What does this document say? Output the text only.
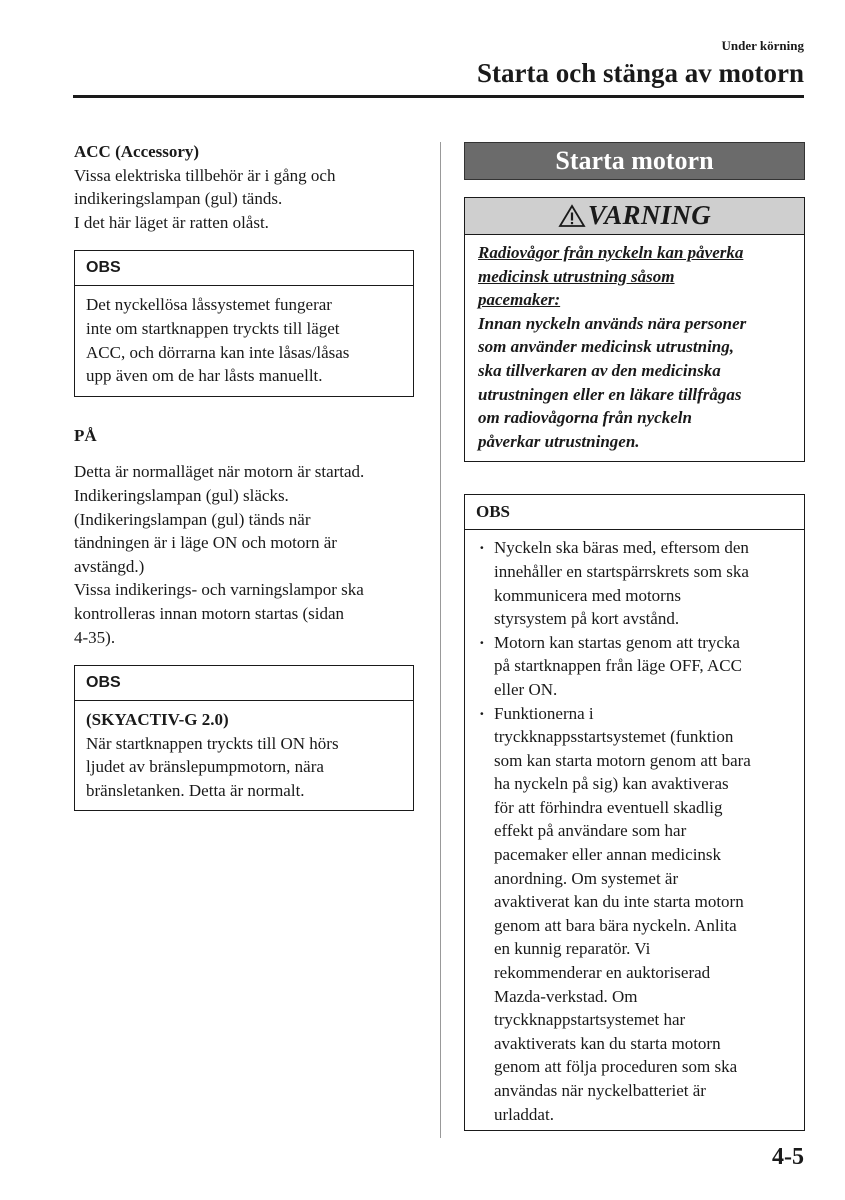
Under körning
Starta och stänga av motorn
ACC (Accessory)

Vissa elektriska tillbehör är i gång och
indikeringslampan (gul) tänds.
I det här läget är ratten olåst.

OBS
Det nyckellösa låssystemet fungerar
inte om startknappen tryckts till läget
ACC, och dörrarna kan inte låsas/låsas
upp även om de har låsts manuellt.
PÅ

Detta är normalläget när motorn är startad.
Indikeringslampan (gul) släcks.
(Indikeringslampan (gul) tänds när
tändningen är i läge ON och motorn är
avstängd.)
Vissa indikerings- och varningslampor ska
kontrolleras innan motorn startas (sidan
4-35).

OBS
(SKYACTIV-G 2.0)
När startknappen tryckts till ON hörs
ljudet av bränslepumpmotorn, nära
bränsletanken. Detta är normalt.
Starta motorn
VARNING
Radiovågor från nyckeln kan påverka
medicinsk utrustning såsom
pacemaker:
Innan nyckeln används nära personer
som använder medicinsk utrustning,
ska tillverkaren av den medicinska
utrustningen eller en läkare tillfrågas
om radiovågorna från nyckeln
påverkar utrustningen.
OBS
· Nyckeln ska bäras med, eftersom den
innehåller en startspärrskrets som ska
kommunicera med motorns
styrsystem på kort avstånd.
· Motorn kan startas genom att trycka
på startknappen från läge OFF, ACC
eller ON.
· Funktionerna i
tryckknappsstartsystemet (funktion
som kan starta motorn genom att bara
ha nyckeln på sig) kan avaktiveras
för att förhindra eventuell skadlig
effekt på användare som har
pacemaker eller annan medicinsk
anordning. Om systemet är
avaktiverat kan du inte starta motorn
genom att bara bära nyckeln. Anlita
en kunnig reparatör. Vi
rekommenderar en auktoriserad
Mazda-verkstad. Om
tryckknappstartsystemet har
avaktiverats kan du starta motorn
genom att följa proceduren som ska
användas när nyckelbatteriet är
urladdat.
4-5
